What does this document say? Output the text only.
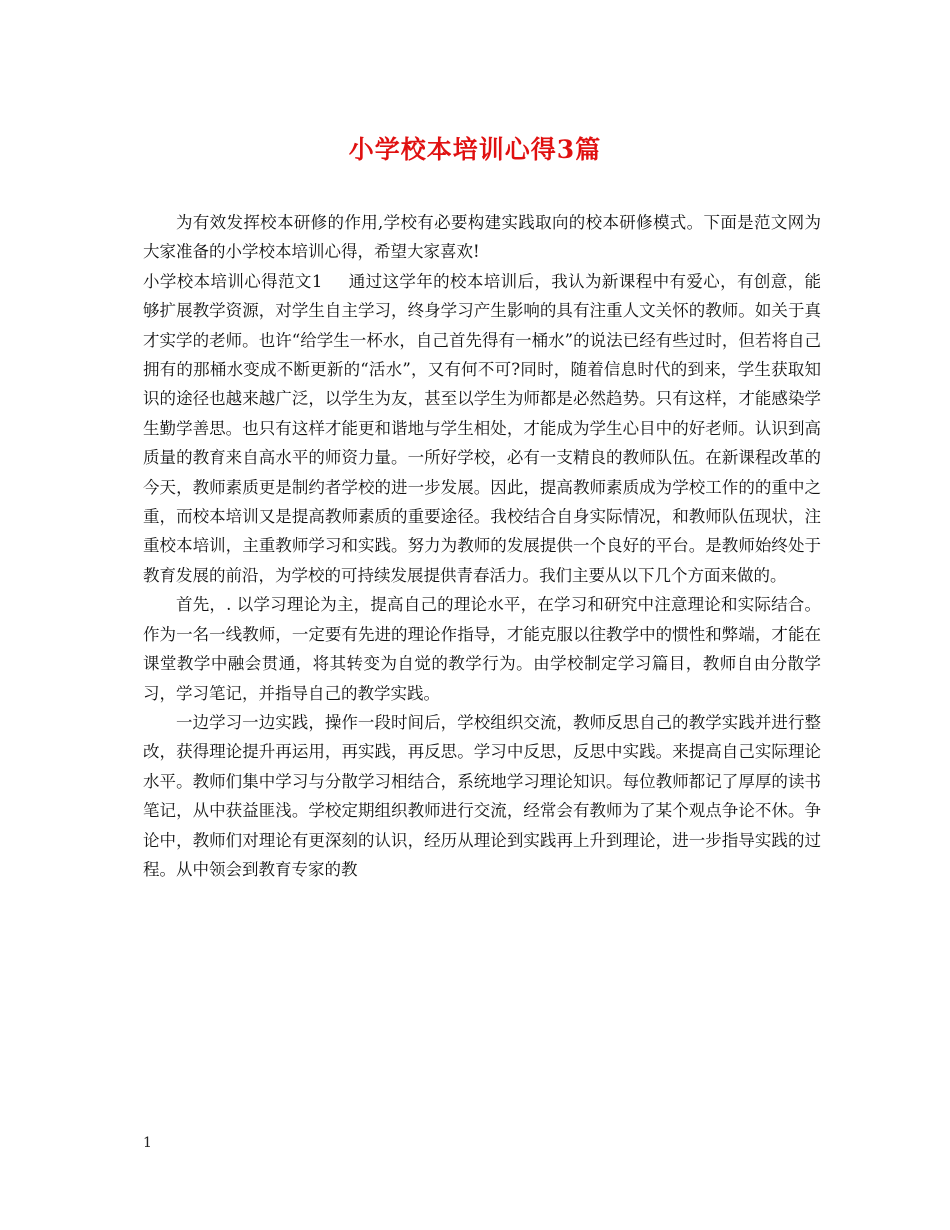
小学校本培训心得3篇

为有效发挥校本研修的作用,学校有必要构建实践取向的校本研修模式。下面是范文网为大家准备的小学校本培训心得，希望大家喜欢!

小学校本培训心得范文1 通过这学年的校本培训后，我认为新课程中有爱心，有创意，能够扩展教学资源，对学生自主学习，终身学习产生影响的具有注重人文关怀的教师。如关于真才实学的老师。也许“给学生一杯水，自己首先得有一桶水”的说法已经有些过时，但若将自己拥有的那桶水变成不断更新的“活水”，又有何不可?同时，随着信息时代的到来，学生获取知识的途径也越来越广泛，以学生为友，甚至以学生为师都是必然趋势。只有这样，才能感染学生勤学善思。也只有这样才能更和谐地与学生相处，才能成为学生心目中的好老师。认识到高质量的教育来自高水平的师资力量。一所好学校，必有一支精良的教师队伍。在新课程改革的今天，教师素质更是制约者学校的进一步发展。因此，提高教师素质成为学校工作的的重中之重，而校本培训又是提高教师素质的重要途径。我校结合自身实际情况，和教师队伍现状，注重校本培训，主重教师学习和实践。努力为教师的发展提供一个良好的平台。是教师始终处于教育发展的前沿，为学校的可持续发展提供青春活力。我们主要从以下几个方面来做的。

首先，. 以学习理论为主，提高自己的理论水平，在学习和研究中注意理论和实际结合。作为一名一线教师，一定要有先进的理论作指导，才能克服以往教学中的惯性和弊端，才能在课堂教学中融会贯通，将其转变为自觉的教学行为。由学校制定学习篇目，教师自由分散学习，学习笔记，并指导自己的教学实践。

一边学习一边实践，操作一段时间后，学校组织交流，教师反思自己的教学实践并进行整改，获得理论提升再运用，再实践，再反思。学习中反思，反思中实践。来提高自己实际理论水平。教师们集中学习与分散学习相结合，系统地学习理论知识。每位教师都记了厚厚的读书笔记，从中获益匪浅。学校定期组织教师进行交流，经常会有教师为了某个观点争论不休。争论中，教师们对理论有更深刻的认识，经历从理论到实践再上升到理论，进一步指导实践的过程。从中领会到教育专家的教

1
